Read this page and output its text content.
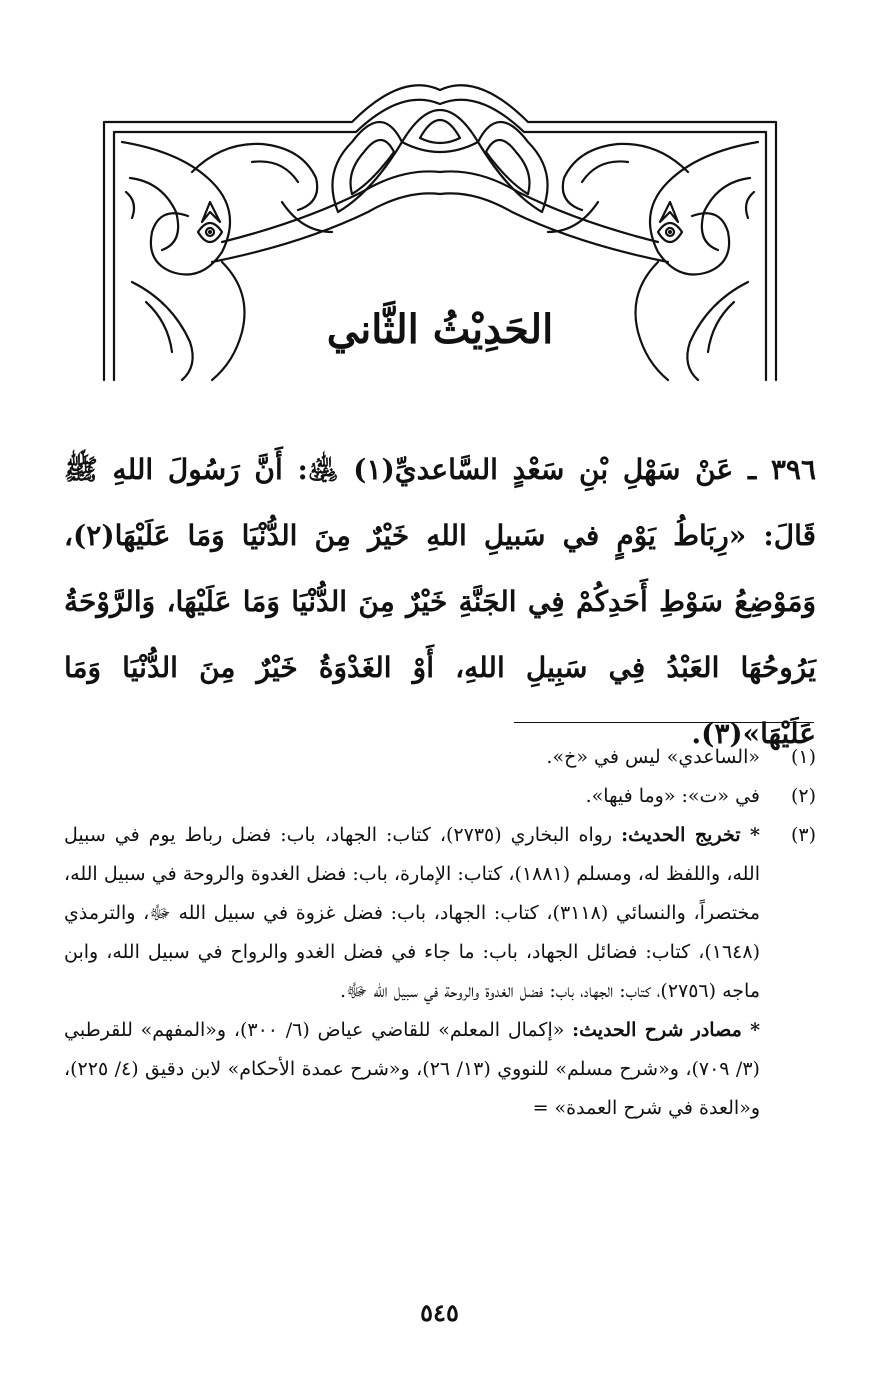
الحَدِيْثُ الثَّاني

٣٩٦ ـ عَنْ سَهْلِ بْنِ سَعْدٍ السَّاعديِّ(١) ﵁: أَنَّ رَسُولَ اللهِ ﷺ قَالَ: «رِبَاطُ يَوْمٍ في سَبيلِ اللهِ خَيْرٌ مِنَ الدُّنْيَا وَمَا عَلَيْهَا(٢)، وَمَوْضِعُ سَوْطِ أَحَدِكُمْ فِي الجَنَّةِ خَيْرٌ مِنَ الدُّنْيَا وَمَا عَلَيْهَا، وَالرَّوْحَةُ يَرُوحُهَا العَبْدُ فِي سَبِيلِ اللهِ، أَوْ الغَدْوَةُ خَيْرٌ مِنَ الدُّنْيَا وَمَا عَلَيْهَا»(٣).

(١)
«الساعدي» ليس في «خ».
(٢)
في «ت»: «وما فيها».
(٣)

* تخريج الحديث: رواه البخاري (٢٧٣٥)، كتاب: الجهاد، باب: فضل رباط يوم في سبيل الله، واللفظ له، ومسلم (١٨٨١)، كتاب: الإمارة، باب: فضل الغدوة والروحة في سبيل الله، مختصراً، والنسائي (٣١١٨)، كتاب: الجهاد، باب: فضل غزوة في سبيل الله ﷻ، والترمذي (١٦٤٨)، كتاب: فضائل الجهاد، باب: ما جاء في فضل الغدو والرواح في سبيل الله، وابن ماجه (٢٧٥٦)، كتاب: الجهاد، باب: فضل الغدوة والروحة في سبيل الله ﷻ.

* مصادر شرح الحديث: «إكمال المعلم» للقاضي عياض (٦/ ٣٠٠)، و«المفهم» للقرطبي (٣/ ٧٠٩)، و«شرح مسلم» للنووي (١٣/ ٢٦)، و«شرح عمدة الأحكام» لابن دقيق (٤/ ٢٢٥)، و«العدة في شرح العمدة» =

٥٤٥
